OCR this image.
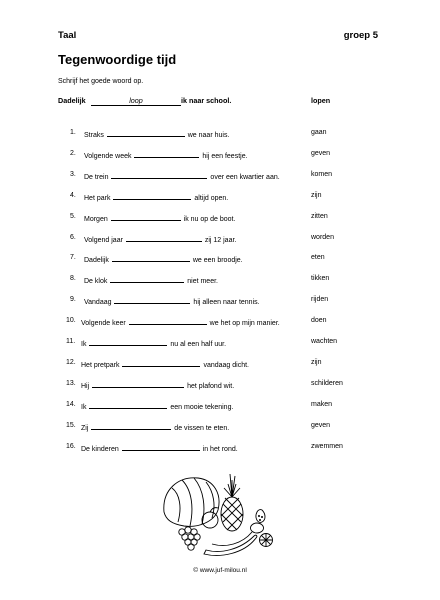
Taal	groep 5
Tegenwoordige tijd
Schrijf het goede woord op.
Dadelijk	loop	ik naar school.	lopen
1. Straks	we naar huis.	gaan
2. Volgende week	hij een feestje.	geven
3. De trein	over een kwartier aan.	komen
4. Het park	altijd open.	zijn
5. Morgen	ik nu op de boot.	zitten
6. Volgend jaar	zij 12 jaar.	worden
7. Dadelijk	we een broodje.	eten
8. De klok	niet meer.	tikken
9. Vandaag	hij alleen naar tennis.	rijden
10. Volgende keer	we het op mijn manier.	doen
11. Ik	nu al een half uur.	wachten
12. Het pretpark	vandaag dicht.	zijn
13. Hij	het plafond wit.	schilderen
14. Ik	een mooie tekening.	maken
15. Zij	de vissen te eten.	geven
16. De kinderen	in het rond.	zwemmen
© www.juf-milou.nl
